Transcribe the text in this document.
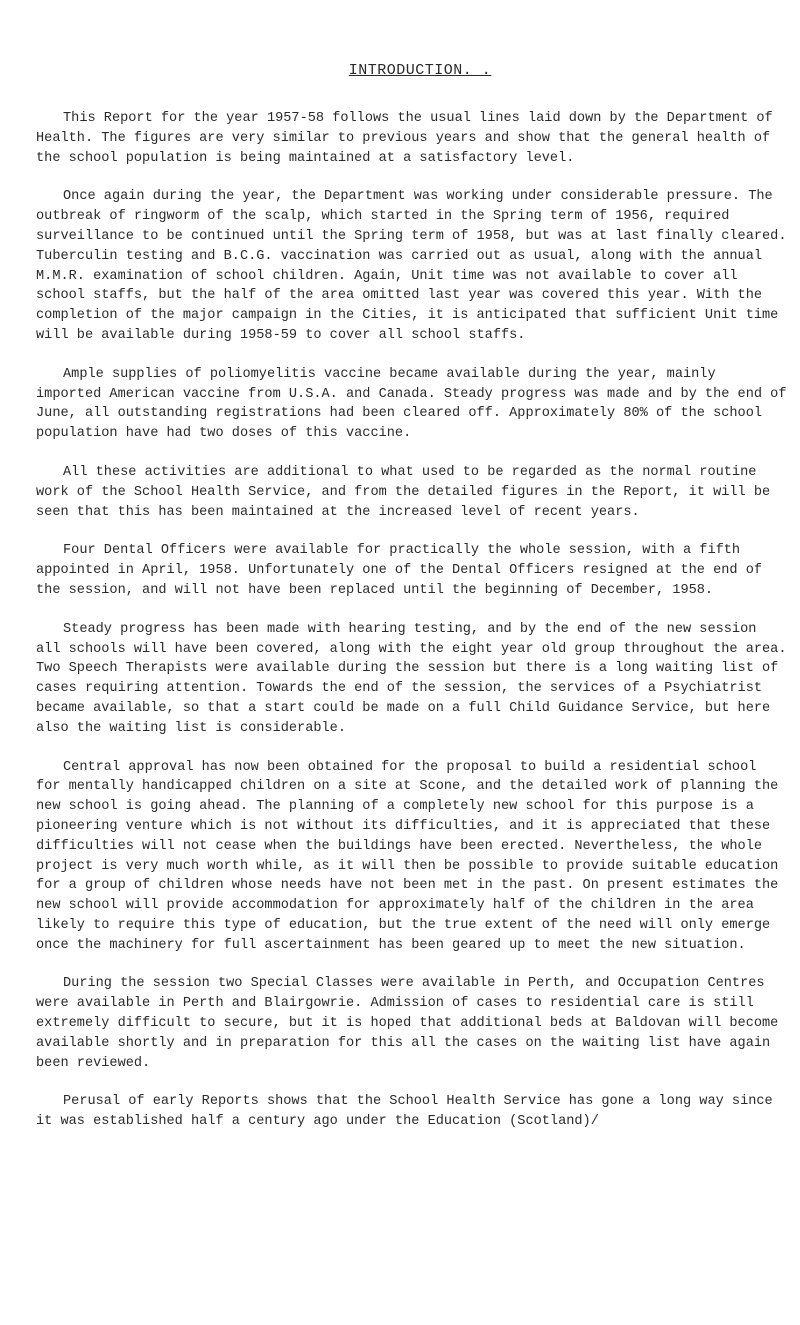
INTRODUCTION. .

This Report for the year 1957-58 follows the usual lines laid down by the Department of Health. The figures are very similar to previous years and show that the general health of the school population is being maintained at a satisfactory level.

Once again during the year, the Department was working under considerable pressure. The outbreak of ringworm of the scalp, which started in the Spring term of 1956, required surveillance to be continued until the Spring term of 1958, but was at last finally cleared. Tuberculin testing and B.C.G. vaccination was carried out as usual, along with the annual M.M.R. examination of school children. Again, Unit time was not available to cover all school staffs, but the half of the area omitted last year was covered this year. With the completion of the major campaign in the Cities, it is anticipated that sufficient Unit time will be available during 1958-59 to cover all school staffs.

Ample supplies of poliomyelitis vaccine became available during the year, mainly imported American vaccine from U.S.A. and Canada. Steady progress was made and by the end of June, all outstanding registrations had been cleared off. Approximately 80% of the school population have had two doses of this vaccine.

All these activities are additional to what used to be regarded as the normal routine work of the School Health Service, and from the detailed figures in the Report, it will be seen that this has been maintained at the increased level of recent years.

Four Dental Officers were available for practically the whole session, with a fifth appointed in April, 1958. Unfortunately one of the Dental Officers resigned at the end of the session, and will not have been replaced until the beginning of December, 1958.

Steady progress has been made with hearing testing, and by the end of the new session all schools will have been covered, along with the eight year old group throughout the area. Two Speech Therapists were available during the session but there is a long waiting list of cases requiring attention. Towards the end of the session, the services of a Psychiatrist became available, so that a start could be made on a full Child Guidance Service, but here also the waiting list is considerable.

Central approval has now been obtained for the proposal to build a residential school for mentally handicapped children on a site at Scone, and the detailed work of planning the new school is going ahead. The planning of a completely new school for this purpose is a pioneering venture which is not without its difficulties, and it is appreciated that these difficulties will not cease when the buildings have been erected. Nevertheless, the whole project is very much worth while, as it will then be possible to provide suitable education for a group of children whose needs have not been met in the past. On present estimates the new school will provide accommodation for approximately half of the children in the area likely to require this type of education, but the true extent of the need will only emerge once the machinery for full ascertainment has been geared up to meet the new situation.

During the session two Special Classes were available in Perth, and Occupation Centres were available in Perth and Blairgowrie. Admission of cases to residential care is still extremely difficult to secure, but it is hoped that additional beds at Baldovan will become available shortly and in preparation for this all the cases on the waiting list have again been reviewed.

Perusal of early Reports shows that the School Health Service has gone a long way since it was established half a century ago under the Education (Scotland)/
